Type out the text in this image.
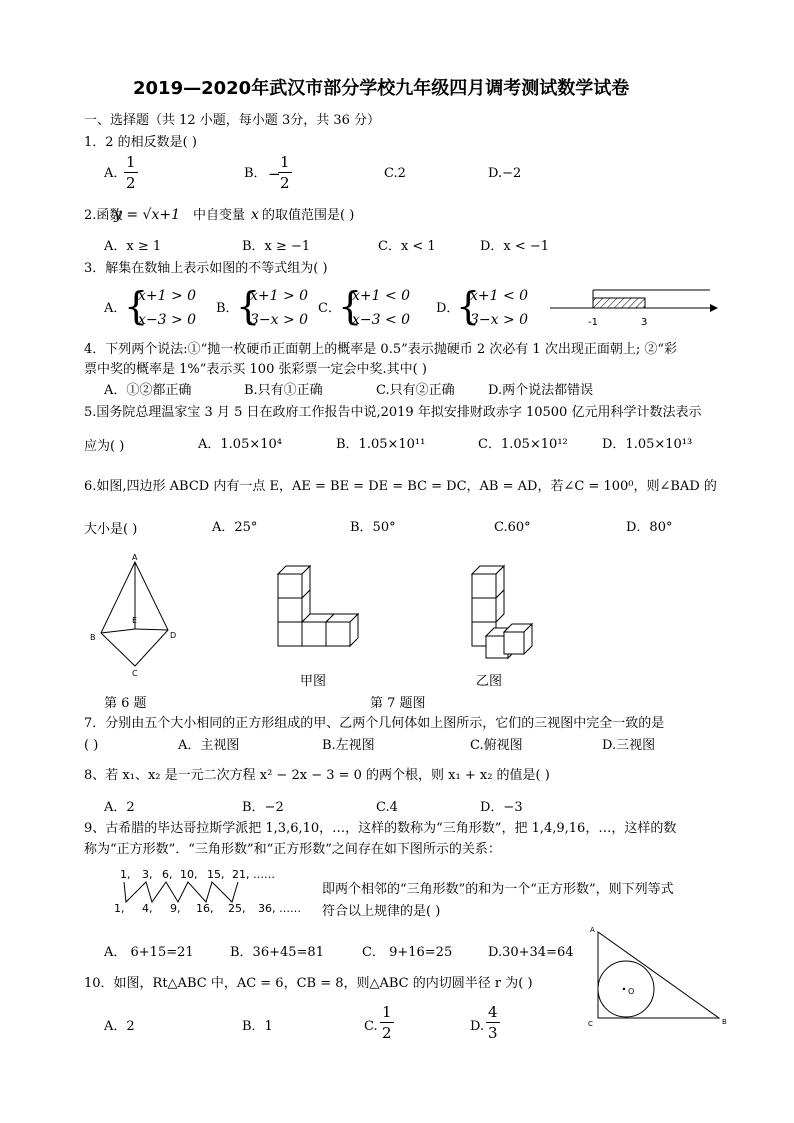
2019—2020年武汉市部分学校九年级四月调考测试数学试卷
一、选择题（共 12 小题，每小题 3分，共 36 分）
1．2 的相反数是( )
A．
$\frac{1}{2}$	B． −
$\frac{1}{2}$	C.2	D.−2
2.函数
y = √x+1 中自变量 x 的取值范围是( )
A．x ≥ 1	B．x ≥ −1	C．x < 1	D．x < −1
3．解集在数轴上表示如图的不等式组为( )
A．
{
x+1 > 0
x−3 > 0
B．
{
x+1 > 0
3−x > 0
C．
{
x+1 < 0
x−3 < 0
D．
{
x+1 < 0
3−x > 0	-1	3
4．下列两个说法:①“抛一枚硬币正面朝上的概率是 0.5”表示抛硬币 2 次必有 1 次出现正面朝上; ②“彩
票中奖的概率是 1%”表示买 100 张彩票一定会中奖.其中( )
A．①②都正确	B.只有①正确	C.只有②正确	D.两个说法都错误
5.国务院总理温家宝 3 月 5 日在政府工作报告中说,2019 年拟安排财政赤字 10500 亿元用科学计数法表示
应为( )	A．1.05×10⁴	B．1.05×10¹¹	C．1.05×10¹²	D．1.05×10¹³
6.如图,四边形 ABCD 内有一点 E，AE = BE = DE = BC = DC，AB = AD，若∠C = 100⁰，则∠BAD 的
大小是( )	A．25°	B．50°	C.60°	D．80°
A
B
C
D
E
第 6 题
甲图	乙图
第 7 题图
7．分别由五个大小相同的正方形组成的甲、乙两个几何体如上图所示，它们的三视图中完全一致的是
( )	A．主视图	B.左视图	C.俯视图	D.三视图
8、若 x₁、x₂ 是一元二次方程 x² − 2x − 3 = 0 的两个根，则 x₁ + x₂ 的值是( )
A．2	B．−2	C.4	D．−3
9、古希腊的毕达哥拉斯学派把 1,3,6,10，…，这样的数称为“三角形数”，把 1,4,9,16，…，这样的数
称为“正方形数”．“三角形数”和“正方形数”之间存在如下图所示的关系：
1, 3, 6, 10, 15, 21, ……
1, 4, 9, 16, 25, 36, ……
即两个相邻的“三角形数”的和为一个“正方形数”，则下列等式
符合以上规律的是( )
A． 6+15=21	B．36+45=81	C． 9+16=25	D.30+34=64
10．如图，Rt△ABC 中，AC = 6，CB = 8，则△ABC 的内切圆半径 r 为( )
A．2	B．1	C. $\frac{1}{2}$	D. $\frac{4}{3}$
A
C	B
O
